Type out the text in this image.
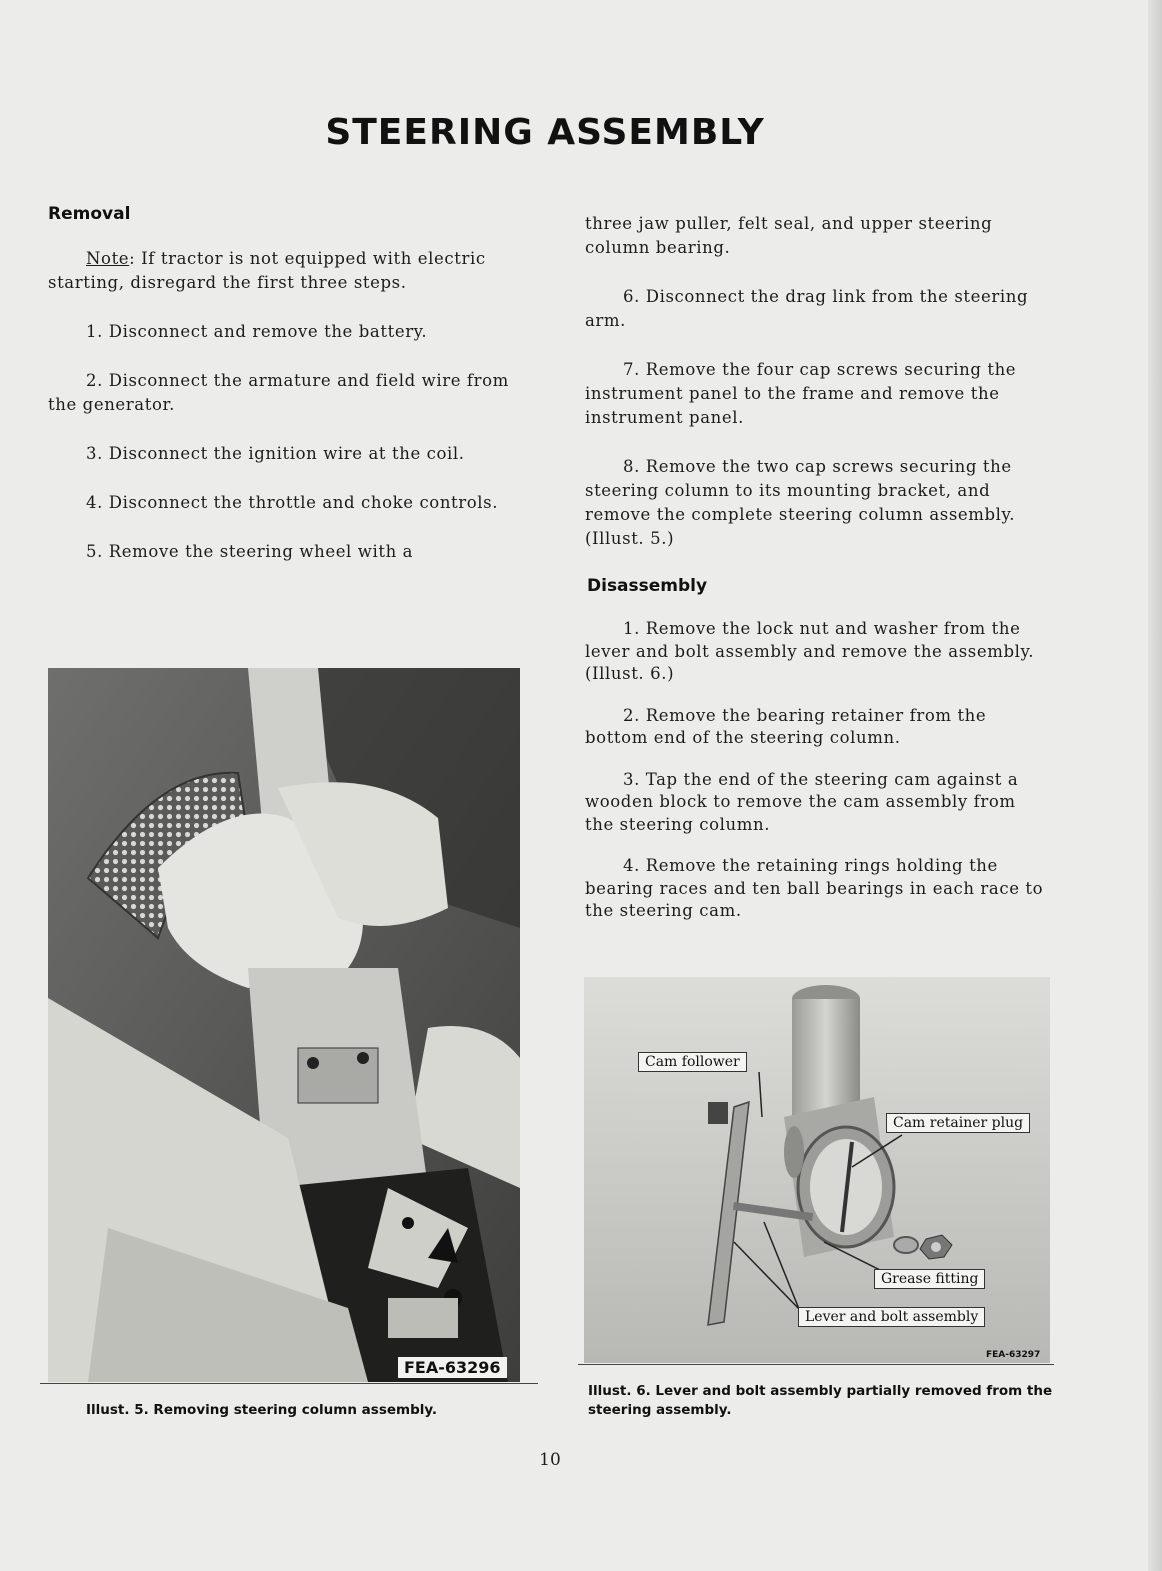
STEERING ASSEMBLY
Removal

Note: If tractor is not equipped with electric starting, disregard the first three steps.

1. Disconnect and remove the battery.

2. Disconnect the armature and field wire from the generator.

3. Disconnect the ignition wire at the coil.

4. Disconnect the throttle and choke controls.

5. Remove the steering wheel with a

FEA-63296
Illust. 5. Removing steering column assembly.

three jaw puller, felt seal, and upper steering column bearing.

6. Disconnect the drag link from the steering arm.

7. Remove the four cap screws securing the instrument panel to the frame and remove the instrument panel.

8. Remove the two cap screws securing the steering column to its mounting bracket, and remove the complete steering column assembly. (Illust. 5.)

Disassembly

1. Remove the lock nut and washer from the lever and bolt assembly and remove the assembly. (Illust. 6.)

2. Remove the bearing retainer from the bottom end of the steering column.

3. Tap the end of the steering cam against a wooden block to remove the cam assembly from the steering column.

4. Remove the retaining rings holding the bearing races and ten ball bearings in each race to the steering cam.

Cam follower
Cam retainer plug
Grease fitting
Lever and bolt assembly
FEA-63297
Illust. 6. Lever and bolt assembly partially removed from the steering assembly.
10
